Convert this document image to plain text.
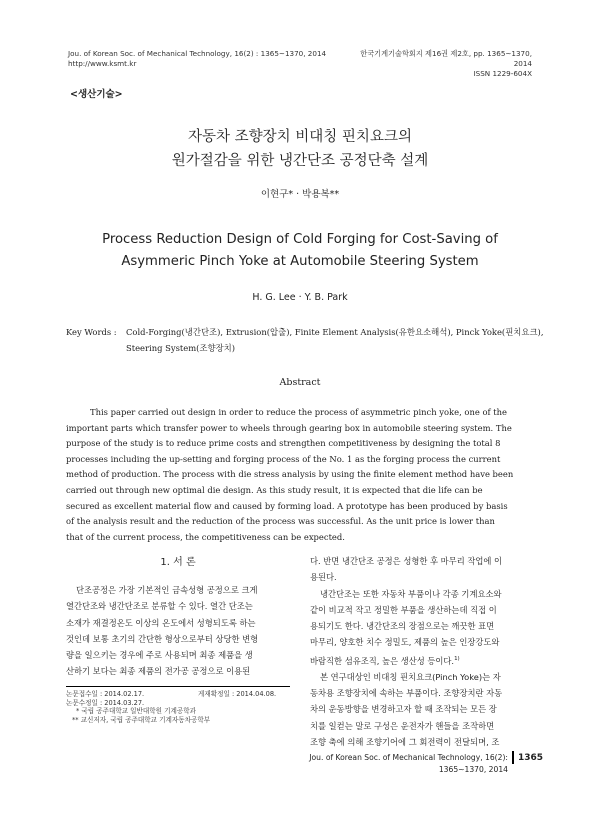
Jou. of Korean Soc. of Mechanical Technology, 16(2) : 1365~1370, 2014
http://www.ksmt.kr
한국기계기술학회지 제16권 제2호, pp. 1365~1370, 2014
ISSN 1229-604X
<생산기술>
자동차 조향장치 비대칭 핀치요크의
원가절감을 위한 냉간단조 공정단축 설계
이현구* · 박용복**
Process Reduction Design of Cold Forging for Cost-Saving of
Asymmeric Pinch Yoke at Automobile Steering System
H. G. Lee · Y. B. Park
Key Words : Cold-Forging(냉간단조), Extrusion(압출), Finite Element Analysis(유한요소해석), Pinck Yoke(핀치요크),
Steering System(조향장치)
Abstract
This paper carried out design in order to reduce the process of asymmetric pinch yoke, one of the
important parts which transfer power to wheels through gearing box in automobile steering system. The
purpose of the study is to reduce prime costs and strengthen competitiveness by designing the total 8
processes including the up-setting and forging process of the No. 1 as the forging process the current
method of production. The process with die stress analysis by using the finite element method have been
carried out through new optimal die design. As this study result, it is expected that die life can be
secured as excellent material flow and caused by forming load. A prototype has been produced by basis
of the analysis result and the reduction of the process was successful. As the unit price is lower than
that of the current process, the competitiveness can be expected.
1. 서 론
단조공정은 가장 기본적인 금속성형 공정으로 크게
열간단조와 냉간단조로 분류할 수 있다. 열간 단조는
소재가 재결정온도 이상의 온도에서 성형되도록 하는
것인데 보통 초기의 간단한 형상으로부터 상당한 변형
량을 일으키는 경우에 주로 사용되며 최종 제품을 생
산하기 보다는 최종 제품의 전가공 공정으로 이용된
논문접수일 : 2014.02.17.	게재확정일 : 2014.04.08.
논문수정일 : 2014.03.27.
* 국립 공주대학교 일반대학원 기계공학과
** 교신저자, 국립 공주대학교 기계자동차공학부
다. 반면 냉간단조 공정은 성형한 후 마무리 작업에 이
용된다.
냉간단조는 또한 자동차 부품이나 각종 기계요소와
같이 비교적 작고 정밀한 부품을 생산하는데 직접 이
용되기도 한다. 냉간단조의 장점으로는 깨끗한 표면
마무리, 양호한 치수 정밀도, 제품의 높은 인장강도와
바람직한 섬유조직, 높은 생산성 등이다.$^{1)}$
본 연구대상인 비대칭 핀치요크(Pinch Yoke)는 자
동차용 조향장치에 속하는 부품이다. 조향장치란 자동
차의 운동방향을 변경하고자 할 때 조작되는 모든 장
치를 일컫는 말로 구성은 운전자가 핸들을 조작하면
조향 축에 의해 조향기어에 그 회전력이 전달되며, 조
Jou. of Korean Soc. of Mechanical Technology, 16(2): 1365~1370, 2014
1365
